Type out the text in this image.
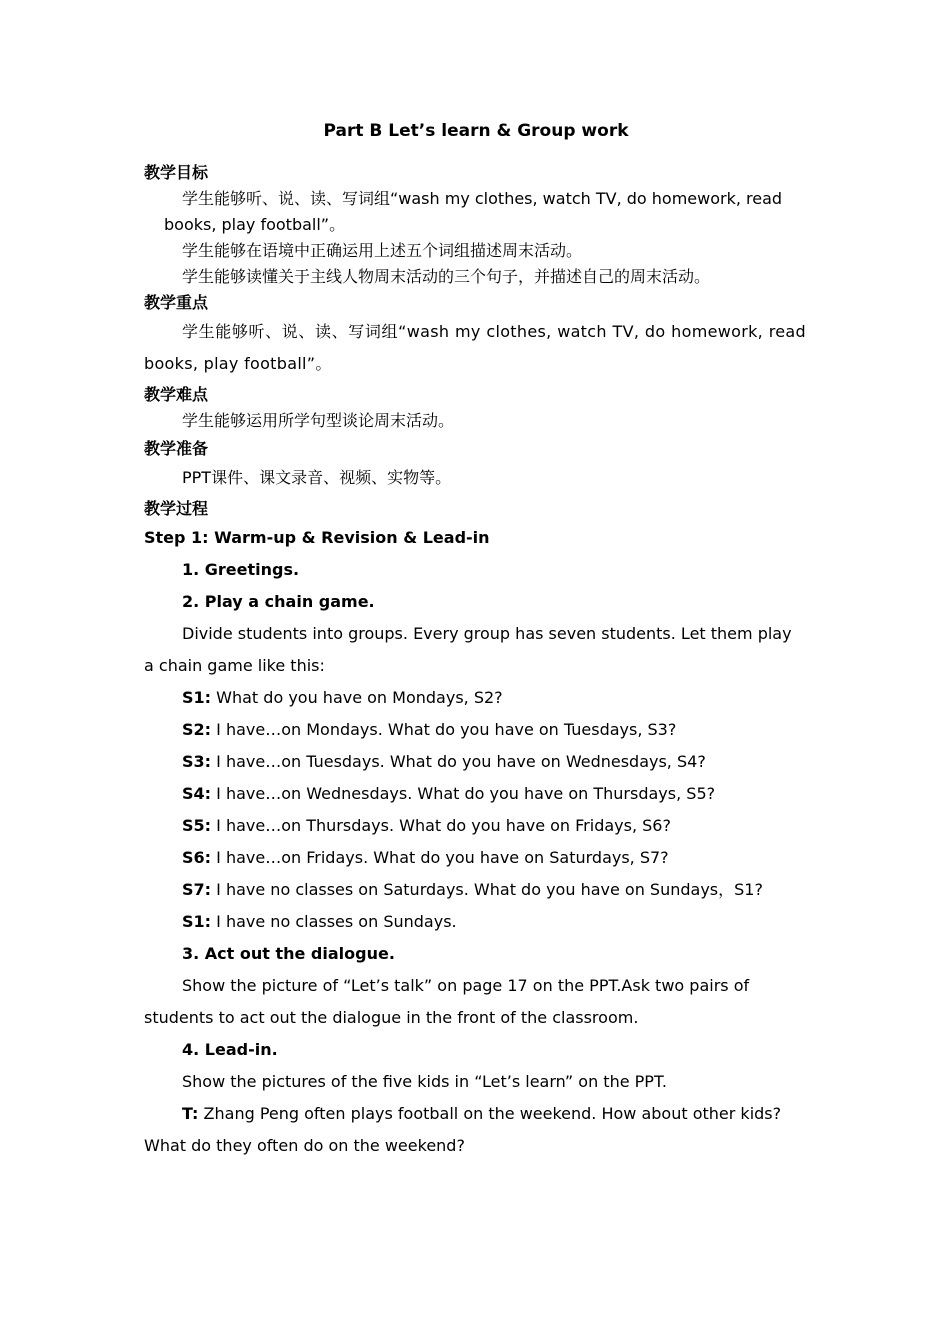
Part B Let’s learn & Group work
教学目标
学生能够听、说、读、写词组“wash my clothes, watch TV, do homework, read books, play football”。
学生能够在语境中正确运用上述五个词组描述周末活动。
学生能够读懂关于主线人物周末活动的三个句子，并描述自己的周末活动。
教学重点
学生能够听、说、读、写词组“wash my clothes, watch TV, do homework, read books, play football”。
教学难点
学生能够运用所学句型谈论周末活动。
教学准备
PPT课件、课文录音、视频、实物等。
教学过程
Step 1: Warm-up & Revision & Lead-in
1. Greetings.
2. Play a chain game.
Divide students into groups. Every group has seven students. Let them play a chain game like this:
S1: What do you have on Mondays, S2?
S2: I have…on Mondays. What do you have on Tuesdays, S3?
S3: I have…on Tuesdays. What do you have on Wednesdays, S4?
S4: I have…on Wednesdays. What do you have on Thursdays, S5?
S5: I have…on Thursdays. What do you have on Fridays, S6?
S6: I have…on Fridays. What do you have on Saturdays, S7?
S7: I have no classes on Saturdays. What do you have on Sundays，S1?
S1: I have no classes on Sundays.
3. Act out the dialogue.
Show the picture of “Let’s talk” on page 17 on the PPT.Ask two pairs of students to act out the dialogue in the front of the classroom.
4. Lead-in.
Show the pictures of the five kids in “Let’s learn” on the PPT.
T: Zhang Peng often plays football on the weekend. How about other kids? What do they often do on the weekend?
